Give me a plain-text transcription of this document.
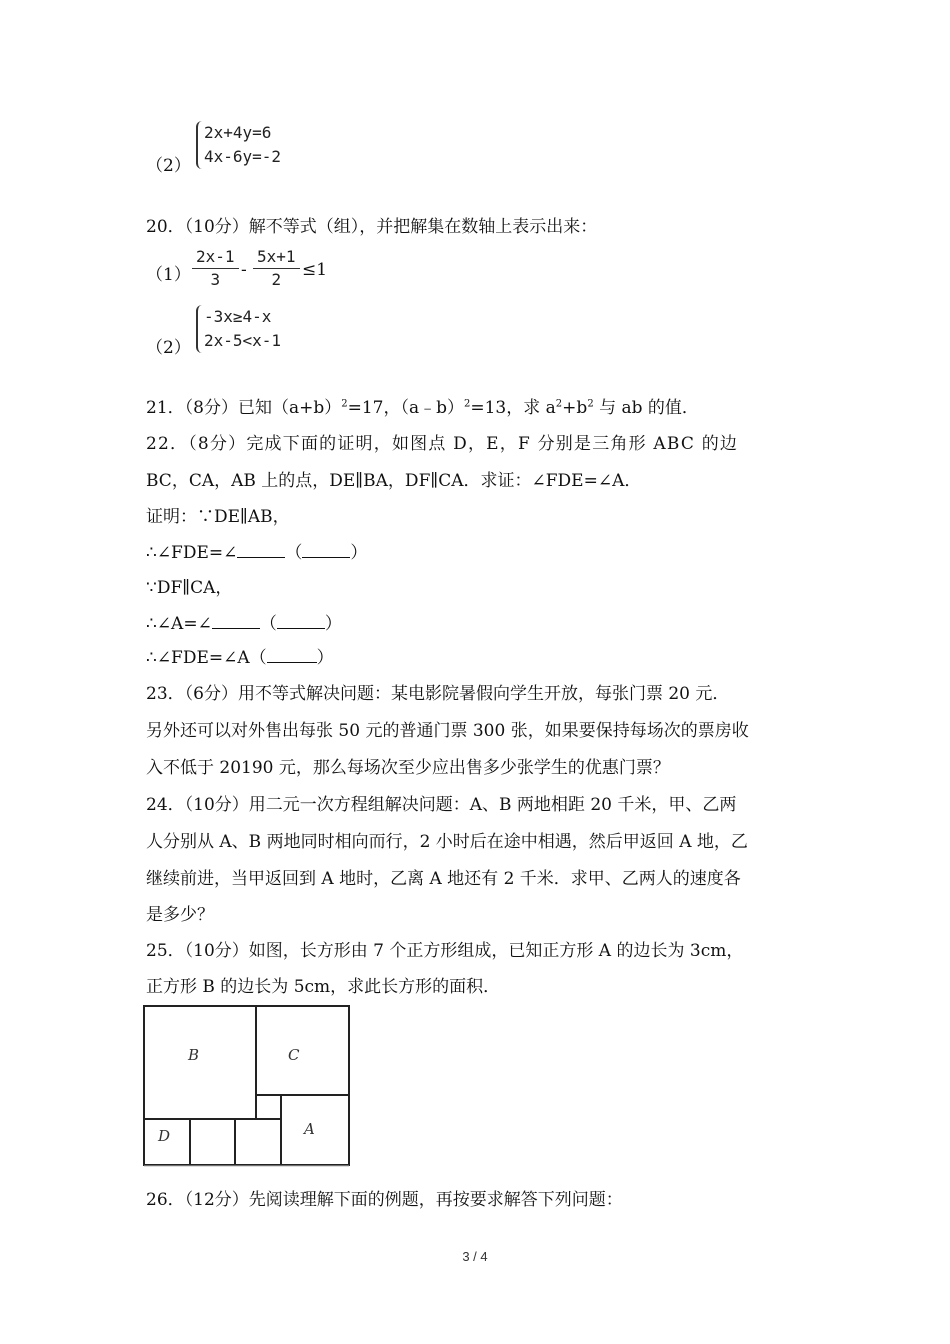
（2）
2x+4y=6
4x-6y=-2
20．（10分）解不等式（组），并把解集在数轴上表示出来：
$(1) \frac{2x-1}{3} - \frac{5x+1}{2} \le 1$
（2）
-3x≥4-x
2x-5<x-1
21．（8分）已知$(a+b)^2=17$，（a﹣b）$^2$=13，求 $a^2+b^2$ 与 ab 的值．
22．（8分）完成下面的证明，如图点 D，E，F 分别是三角形 ABC 的边
BC，CA，AB 上的点，DE∥BA，DF∥CA．求证：∠FDE=∠A．
证明：∵DE∥AB，
∴∠FDE=∠	（	）
∵DF∥CA，
∴∠A=∠	（	）
∴∠FDE=∠A（	）
23．（6分）用不等式解决问题：某电影院暑假向学生开放，每张门票 20 元．
另外还可以对外售出每张 50 元的普通门票 300 张，如果要保持每场次的票房收
入不低于 20190 元，那么每场次至少应出售多少张学生的优惠门票？
24．（10分）用二元一次方程组解决问题：A、B 两地相距 20 千米，甲、乙两
人分别从 A、B 两地同时相向而行，2 小时后在途中相遇，然后甲返回 A 地，乙
继续前进，当甲返回到 A 地时，乙离 A 地还有 2 千米．求甲、乙两人的速度各
是多少？
25．（10分）如图，长方形由 7 个正方形组成，已知正方形 A 的边长为 3cm，
正方形 B 的边长为 5cm，求此长方形的面积．
B	C
D	A
26．（12分）先阅读理解下面的例题，再按要求解答下列问题：
3 / 4
